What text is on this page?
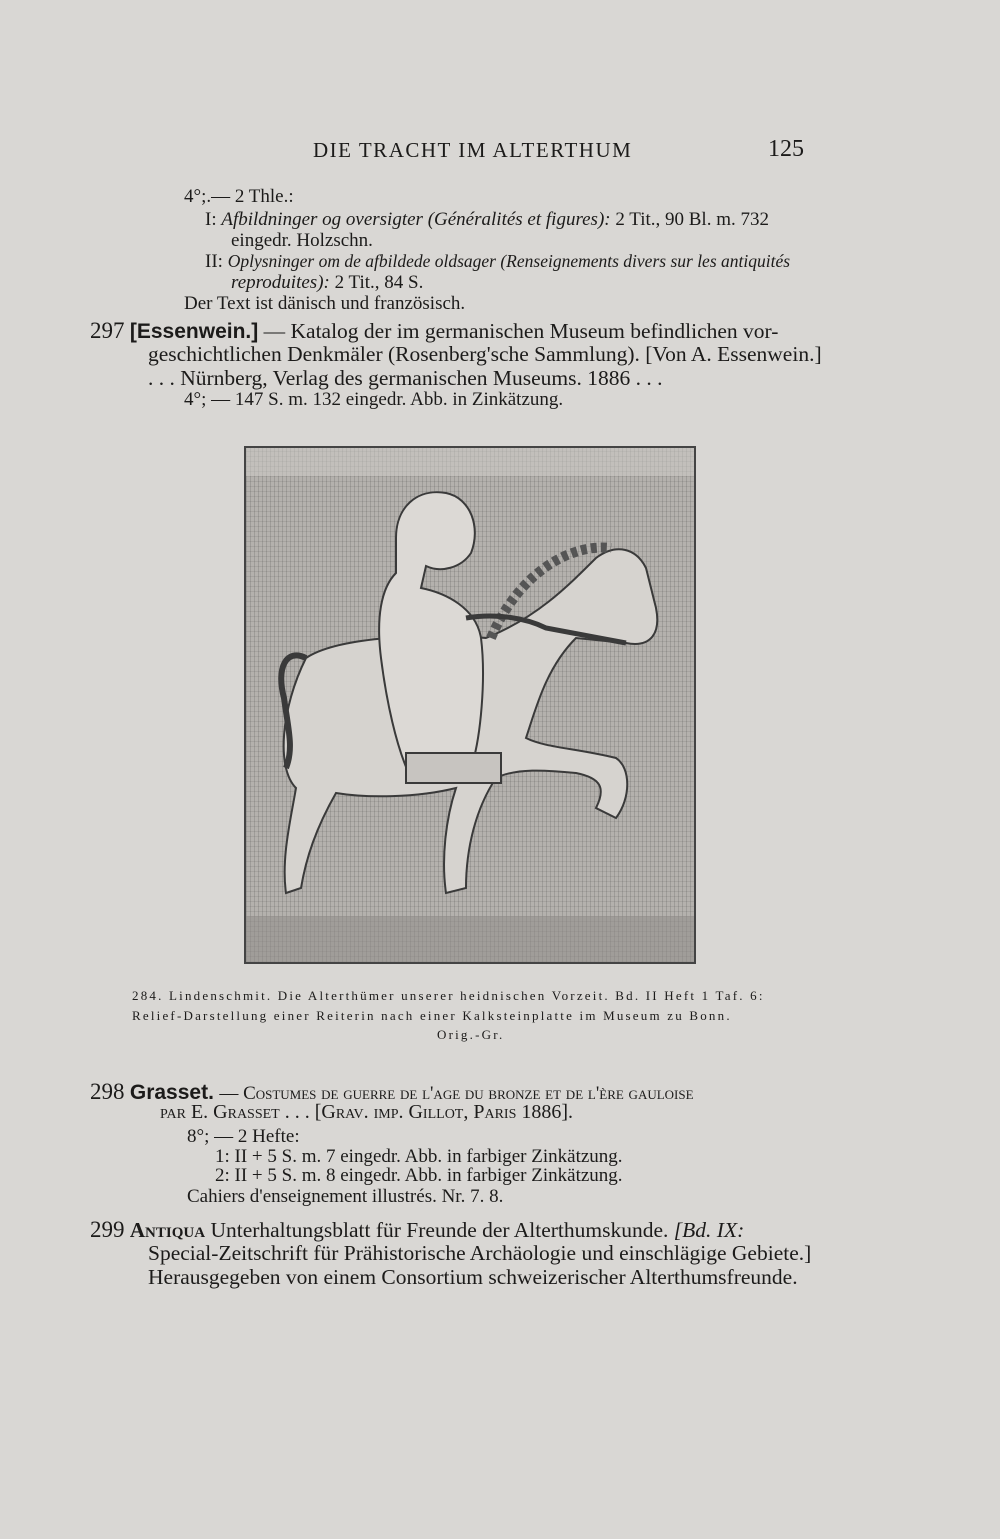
DIE TRACHT IM ALTERTHUM	125
4°;.— 2 Thle.:
I: Afbildninger og oversigter (Généralités et figures): 2 Tit., 90 Bl. m. 732
eingedr. Holzschn.
II: Oplysninger om de afbildede oldsager (Renseignements divers sur les antiquités
reproduites): 2 Tit., 84 S.
Der Text ist dänisch und französisch.
297 [Essenwein.] — Katalog der im germanischen Museum befindlichen vor-
geschichtlichen Denkmäler (Rosenberg'sche Sammlung). [Von A. Essenwein.]
. . . Nürnberg, Verlag des germanischen Museums. 1886 . . .
4°; — 147 S. m. 132 eingedr. Abb. in Zinkätzung.
284. Lindenschmit. Die Alterthümer unserer heidnischen Vorzeit. Bd. II Heft 1 Taf. 6:
Relief-Darstellung einer Reiterin nach einer Kalksteinplatte im Museum zu Bonn.
Orig.-Gr.
298 Grasset. — Costumes de guerre de l'age du bronze et de l'ère gauloise
par E. Grasset . . . [Grav. imp. Gillot, Paris 1886].
8°; — 2 Hefte:
1: II + 5 S. m. 7 eingedr. Abb. in farbiger Zinkätzung.
2: II + 5 S. m. 8 eingedr. Abb. in farbiger Zinkätzung.
Cahiers d'enseignement illustrés. Nr. 7. 8.
299 Antiqua Unterhaltungsblatt für Freunde der Alterthumskunde. [Bd. IX:
Special-Zeitschrift für Prähistorische Archäologie und einschlägige Gebiete.]
Herausgegeben von einem Consortium schweizerischer Alterthumsfreunde.
